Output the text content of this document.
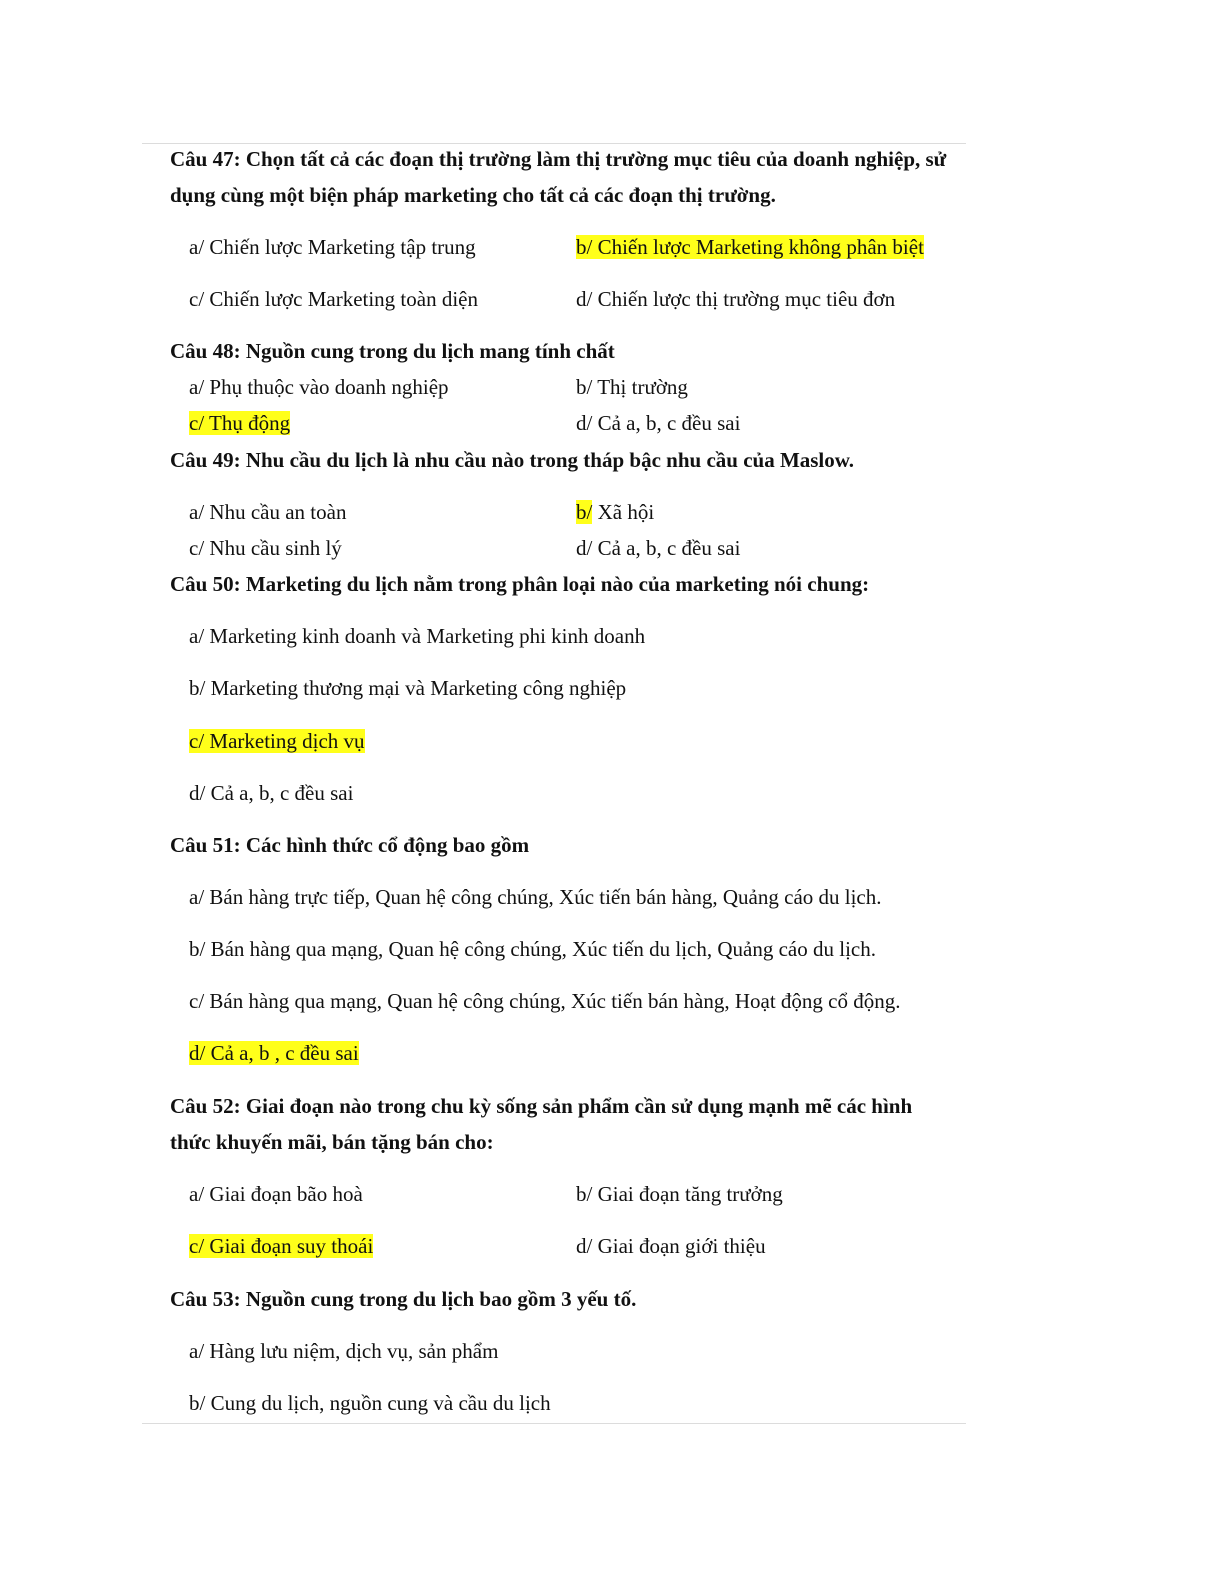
Câu 47: Chọn tất cả các đoạn thị trường làm thị trường mục tiêu của doanh nghiệp, sử
dụng cùng một biện pháp marketing cho tất cả các đoạn thị trường.
a/ Chiến lược Marketing tập trung	b/ Chiến lược Marketing không phân biệt
c/ Chiến lược Marketing toàn diện	d/ Chiến lược thị trường mục tiêu đơn
Câu 48: Nguồn cung trong du lịch mang tính chất
a/ Phụ thuộc vào doanh nghiệp	b/ Thị trường
c/ Thụ động	d/ Cả a, b, c đều sai
Câu 49: Nhu cầu du lịch là nhu cầu nào trong tháp bậc nhu cầu của Maslow.
a/ Nhu cầu an toàn	b/ Xã hội
c/ Nhu cầu sinh lý	d/ Cả a, b, c đều sai
Câu 50: Marketing du lịch nằm trong phân loại nào của marketing nói chung:
a/ Marketing kinh doanh và Marketing phi kinh doanh
b/ Marketing thương mại và Marketing công nghiệp
c/ Marketing dịch vụ
d/ Cả a, b, c đều sai
Câu 51: Các hình thức cổ động bao gồm
a/ Bán hàng trực tiếp, Quan hệ công chúng, Xúc tiến bán hàng, Quảng cáo du lịch.
b/ Bán hàng qua mạng, Quan hệ công chúng, Xúc tiến du lịch, Quảng cáo du lịch.
c/ Bán hàng qua mạng, Quan hệ công chúng, Xúc tiến bán hàng, Hoạt động cổ động.
d/ Cả a, b , c đều sai
Câu 52: Giai đoạn nào trong chu kỳ sống sản phẩm cần sử dụng mạnh mẽ các hình
thức khuyến mãi, bán tặng bán cho:
a/ Giai đoạn bão hoà	b/ Giai đoạn tăng trưởng
c/ Giai đoạn suy thoái	d/ Giai đoạn giới thiệu
Câu 53: Nguồn cung trong du lịch bao gồm 3 yếu tố.
a/ Hàng lưu niệm, dịch vụ, sản phẩm
b/ Cung du lịch, nguồn cung và cầu du lịch
